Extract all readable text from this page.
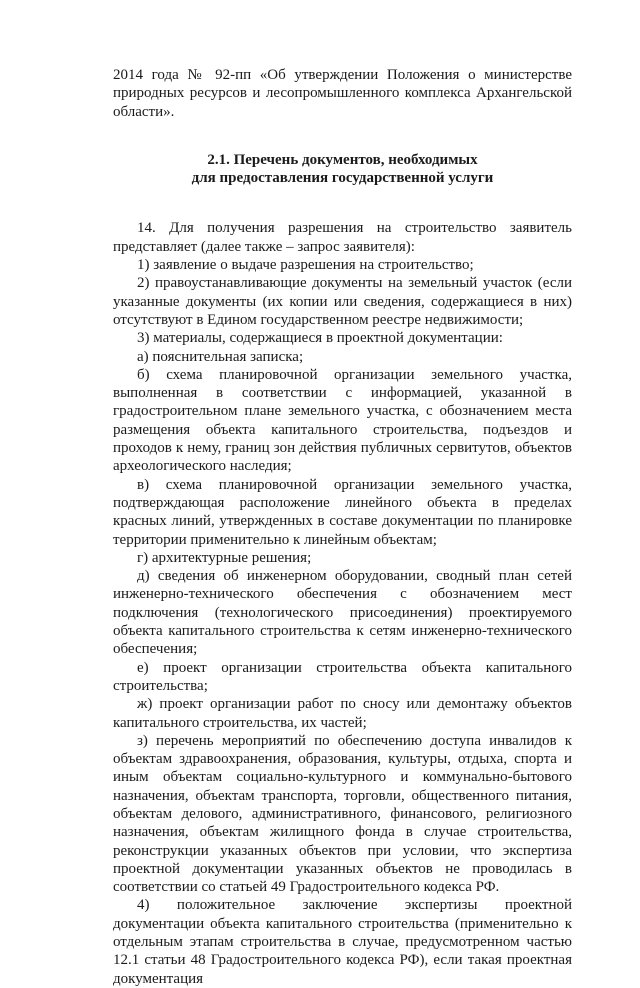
2014 года № 92-пп «Об утверждении Положения о министерстве природных ресурсов и лесопромышленного комплекса Архангельской области».

2.1. Перечень документов, необходимых
для предоставления государственной услуги

14. Для получения разрешения на строительство заявитель представляет (далее также – запрос заявителя):

1) заявление о выдаче разрешения на строительство;

2) правоустанавливающие документы на земельный участок (если указанные документы (их копии или сведения, содержащиеся в них) отсутствуют в Едином государственном реестре недвижимости;

3) материалы, содержащиеся в проектной документации:

а) пояснительная записка;

б) схема планировочной организации земельного участка, выполненная в соответствии с информацией, указанной в градостроительном плане земельного участка, с обозначением места размещения объекта капитального строительства, подъездов и проходов к нему, границ зон действия публичных сервитутов, объектов археологического наследия;

в) схема планировочной организации земельного участка, подтверждающая расположение линейного объекта в пределах красных линий, утвержденных в составе документации по планировке территории применительно к линейным объектам;

г) архитектурные решения;

д) сведения об инженерном оборудовании, сводный план сетей инженерно-технического обеспечения с обозначением мест подключения (технологического присоединения) проектируемого объекта капитального строительства к сетям инженерно-технического обеспечения;

е) проект организации строительства объекта капитального строительства;

ж) проект организации работ по сносу или демонтажу объектов капитального строительства, их частей;

з) перечень мероприятий по обеспечению доступа инвалидов к объектам здравоохранения, образования, культуры, отдыха, спорта и иным объектам социально-культурного и коммунально-бытового назначения, объектам транспорта, торговли, общественного питания, объектам делового, административного, финансового, религиозного назначения, объектам жилищного фонда в случае строительства, реконструкции указанных объектов при условии, что экспертиза проектной документации указанных объектов не проводилась в соответствии со статьей 49 Градостроительного кодекса РФ.

4) положительное заключение экспертизы проектной документации объекта капитального строительства (применительно к отдельным этапам строительства в случае, предусмотренном частью 12.1 статьи 48 Градостроительного кодекса РФ), если такая проектная документация
